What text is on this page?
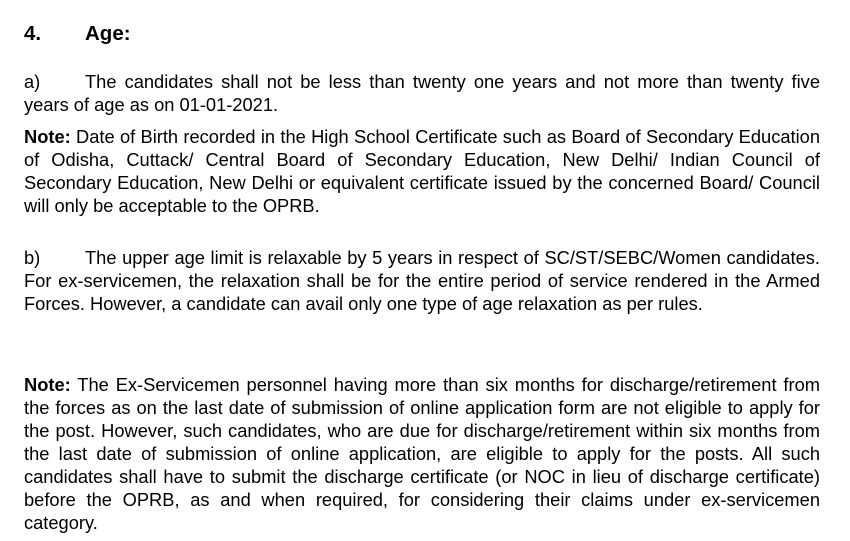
4. Age:
a) The candidates shall not be less than twenty one years and not more than twenty five years of age as on 01-01-2021.
Note: Date of Birth recorded in the High School Certificate such as Board of Secondary Education of Odisha, Cuttack/ Central Board of Secondary Education, New Delhi/ Indian Council of Secondary Education, New Delhi or equivalent certificate issued by the concerned Board/ Council will only be acceptable to the OPRB.
b) The upper age limit is relaxable by 5 years in respect of SC/ST/SEBC/Women candidates. For ex-servicemen, the relaxation shall be for the entire period of service rendered in the Armed Forces. However, a candidate can avail only one type of age relaxation as per rules.
Note: The Ex-Servicemen personnel having more than six months for discharge/retirement from the forces as on the last date of submission of online application form are not eligible to apply for the post. However, such candidates, who are due for discharge/retirement within six months from the last date of submission of online application, are eligible to apply for the posts. All such candidates shall have to submit the discharge certificate (or NOC in lieu of discharge certificate) before the OPRB, as and when required, for considering their claims under ex-servicemen category.
